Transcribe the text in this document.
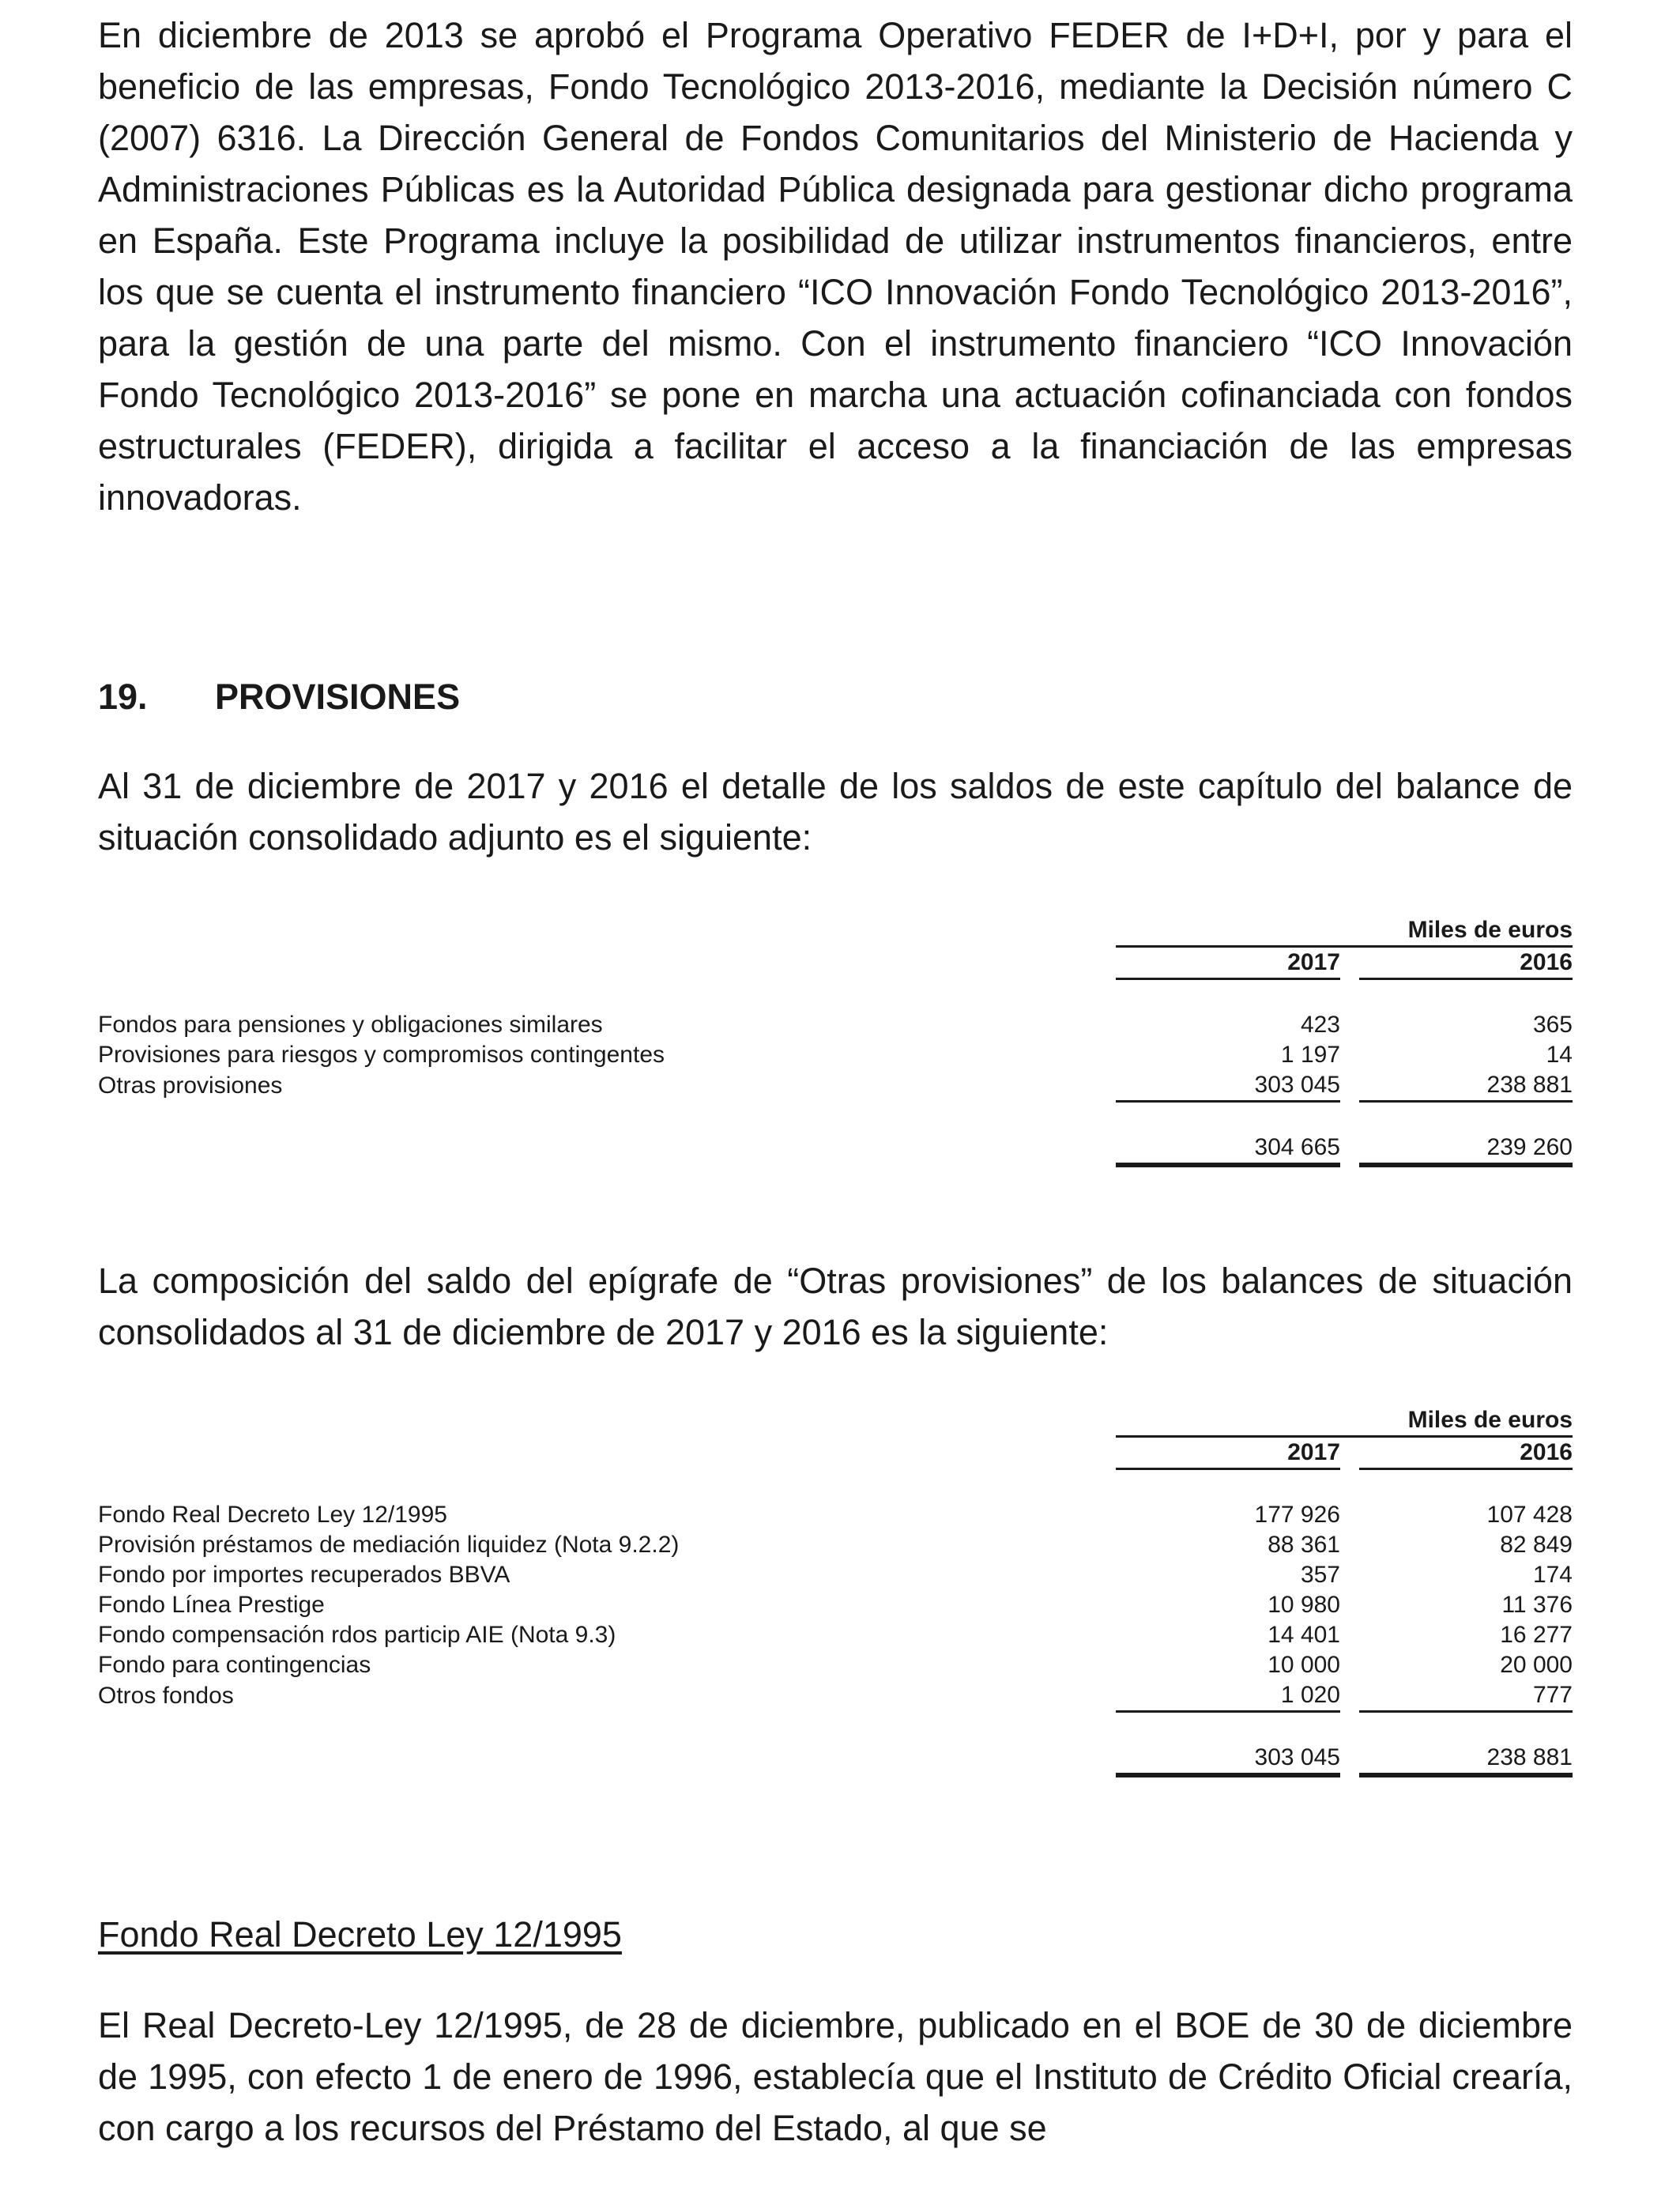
En diciembre de 2013 se aprobó el Programa Operativo FEDER de I+D+I, por y para el beneficio de las empresas, Fondo Tecnológico 2013-2016, mediante la Decisión número C (2007) 6316. La Dirección General de Fondos Comunitarios del Ministerio de Hacienda y Administraciones Públicas es la Autoridad Pública designada para gestionar dicho programa en España. Este Programa incluye la posibilidad de utilizar instrumentos financieros, entre los que se cuenta el instrumento financiero “ICO Innovación Fondo Tecnológico 2013-2016”, para la gestión de una parte del mismo. Con el instrumento financiero “ICO Innovación Fondo Tecnológico 2013-2016” se pone en marcha una actuación cofinanciada con fondos estructurales (FEDER), dirigida a facilitar el acceso a la financiación de las empresas innovadoras.

19. PROVISIONES

Al 31 de diciembre de 2017 y 2016 el detalle de los saldos de este capítulo del balance de situación consolidado adjunto es el siguiente:

	Miles de euros		
	2017		2016

Fondos para pensiones y obligaciones similares	423		365
Provisiones para riesgos y compromisos contingentes	1 197		14
Otras provisiones	303 045		238 881

	304 665		239 260

La composición del saldo del epígrafe de “Otras provisiones” de los balances de situación consolidados al 31 de diciembre de 2017 y 2016 es la siguiente:

	Miles de euros		
	2017		2016

Fondo Real Decreto Ley 12/1995	177 926		107 428
Provisión préstamos de mediación liquidez (Nota 9.2.2)	88 361		82 849
Fondo por importes recuperados BBVA	357		174
Fondo Línea Prestige	10 980		11 376
Fondo compensación rdos particip AIE (Nota 9.3)	14 401		16 277
Fondo para contingencias	10 000		20 000
Otros fondos	1 020		777

	303 045		238 881
Fondo Real Decreto Ley 12/1995

El Real Decreto-Ley 12/1995, de 28 de diciembre, publicado en el BOE de 30 de diciembre de 1995, con efecto 1 de enero de 1996, establecía que el Instituto de Crédito Oficial crearía, con cargo a los recursos del Préstamo del Estado, al que se
